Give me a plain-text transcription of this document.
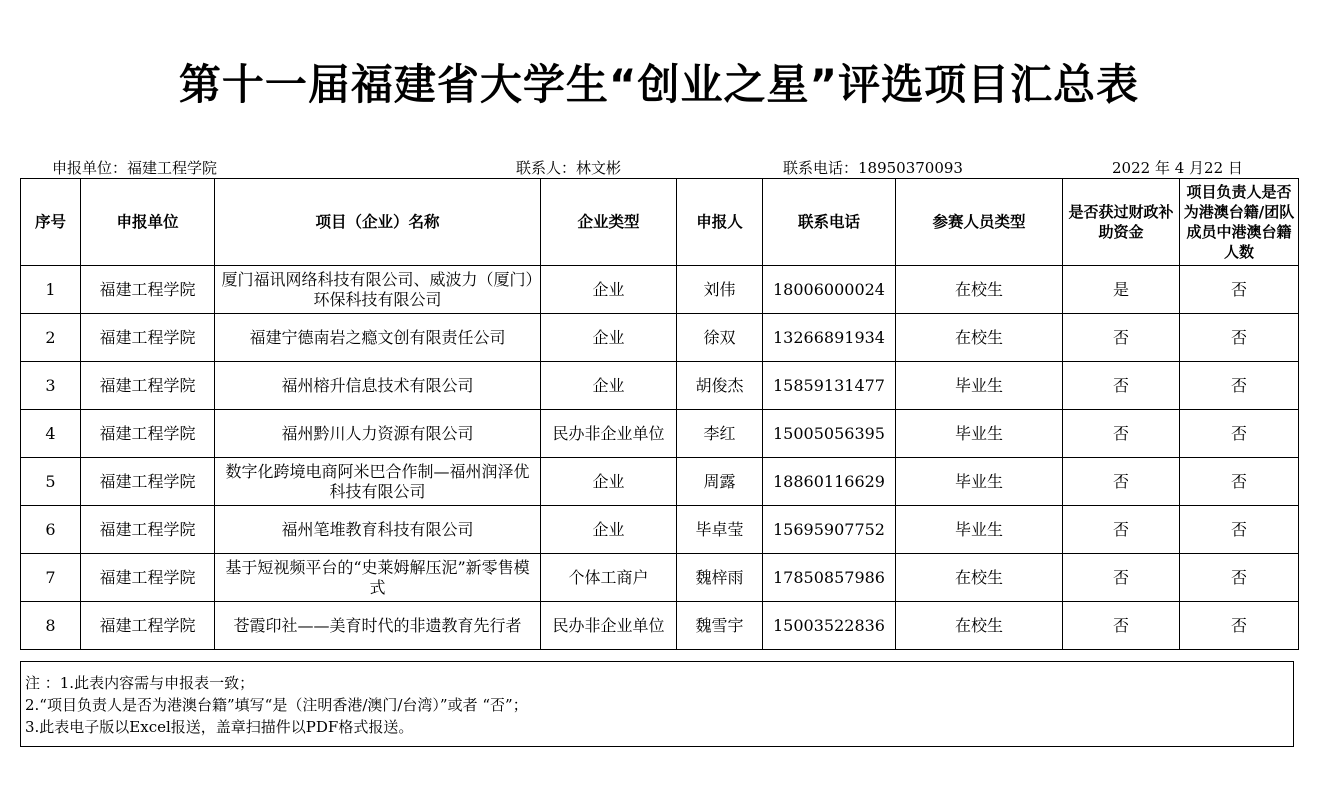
第十一届福建省大学生“创业之星”评选项目汇总表
申报单位：福建工程学院	联系人：林文彬	联系电话：18950370093	2022 年 4 月22 日
序号	申报单位	项目（企业）名称	企业类型	申报人	联系电话	参赛人员类型	是否获过财政补助资金	项目负责人是否为港澳台籍/团队成员中港澳台籍人数
1	福建工程学院	厦门福讯网络科技有限公司、威波力（厦门）环保科技有限公司	企业	刘伟	18006000024	在校生	是	否
2	福建工程学院	福建宁德南岩之瘾文创有限责任公司	企业	徐双	13266891934	在校生	否	否
3	福建工程学院	福州榕升信息技术有限公司	企业	胡俊杰	15859131477	毕业生	否	否
4	福建工程学院	福州黔川人力资源有限公司	民办非企业单位	李红	15005056395	毕业生	否	否
5	福建工程学院	数字化跨境电商阿米巴合作制—福州润泽优科技有限公司	企业	周露	18860116629	毕业生	否	否
6	福建工程学院	福州笔堆教育科技有限公司	企业	毕卓莹	15695907752	毕业生	否	否
7	福建工程学院	基于短视频平台的“史莱姆解压泥”新零售模式	个体工商户	魏梓雨	17850857986	在校生	否	否
8	福建工程学院	苍霞印社——美育时代的非遗教育先行者	民办非企业单位	魏雪宇	15003522836	在校生	否	否
注 ：1.此表内容需与申报表一致；
2.“项目负责人是否为港澳台籍”填写“是（注明香港/澳门/台湾）”或者 “否”；
3.此表电子版以Excel报送，盖章扫描件以PDF格式报送。
